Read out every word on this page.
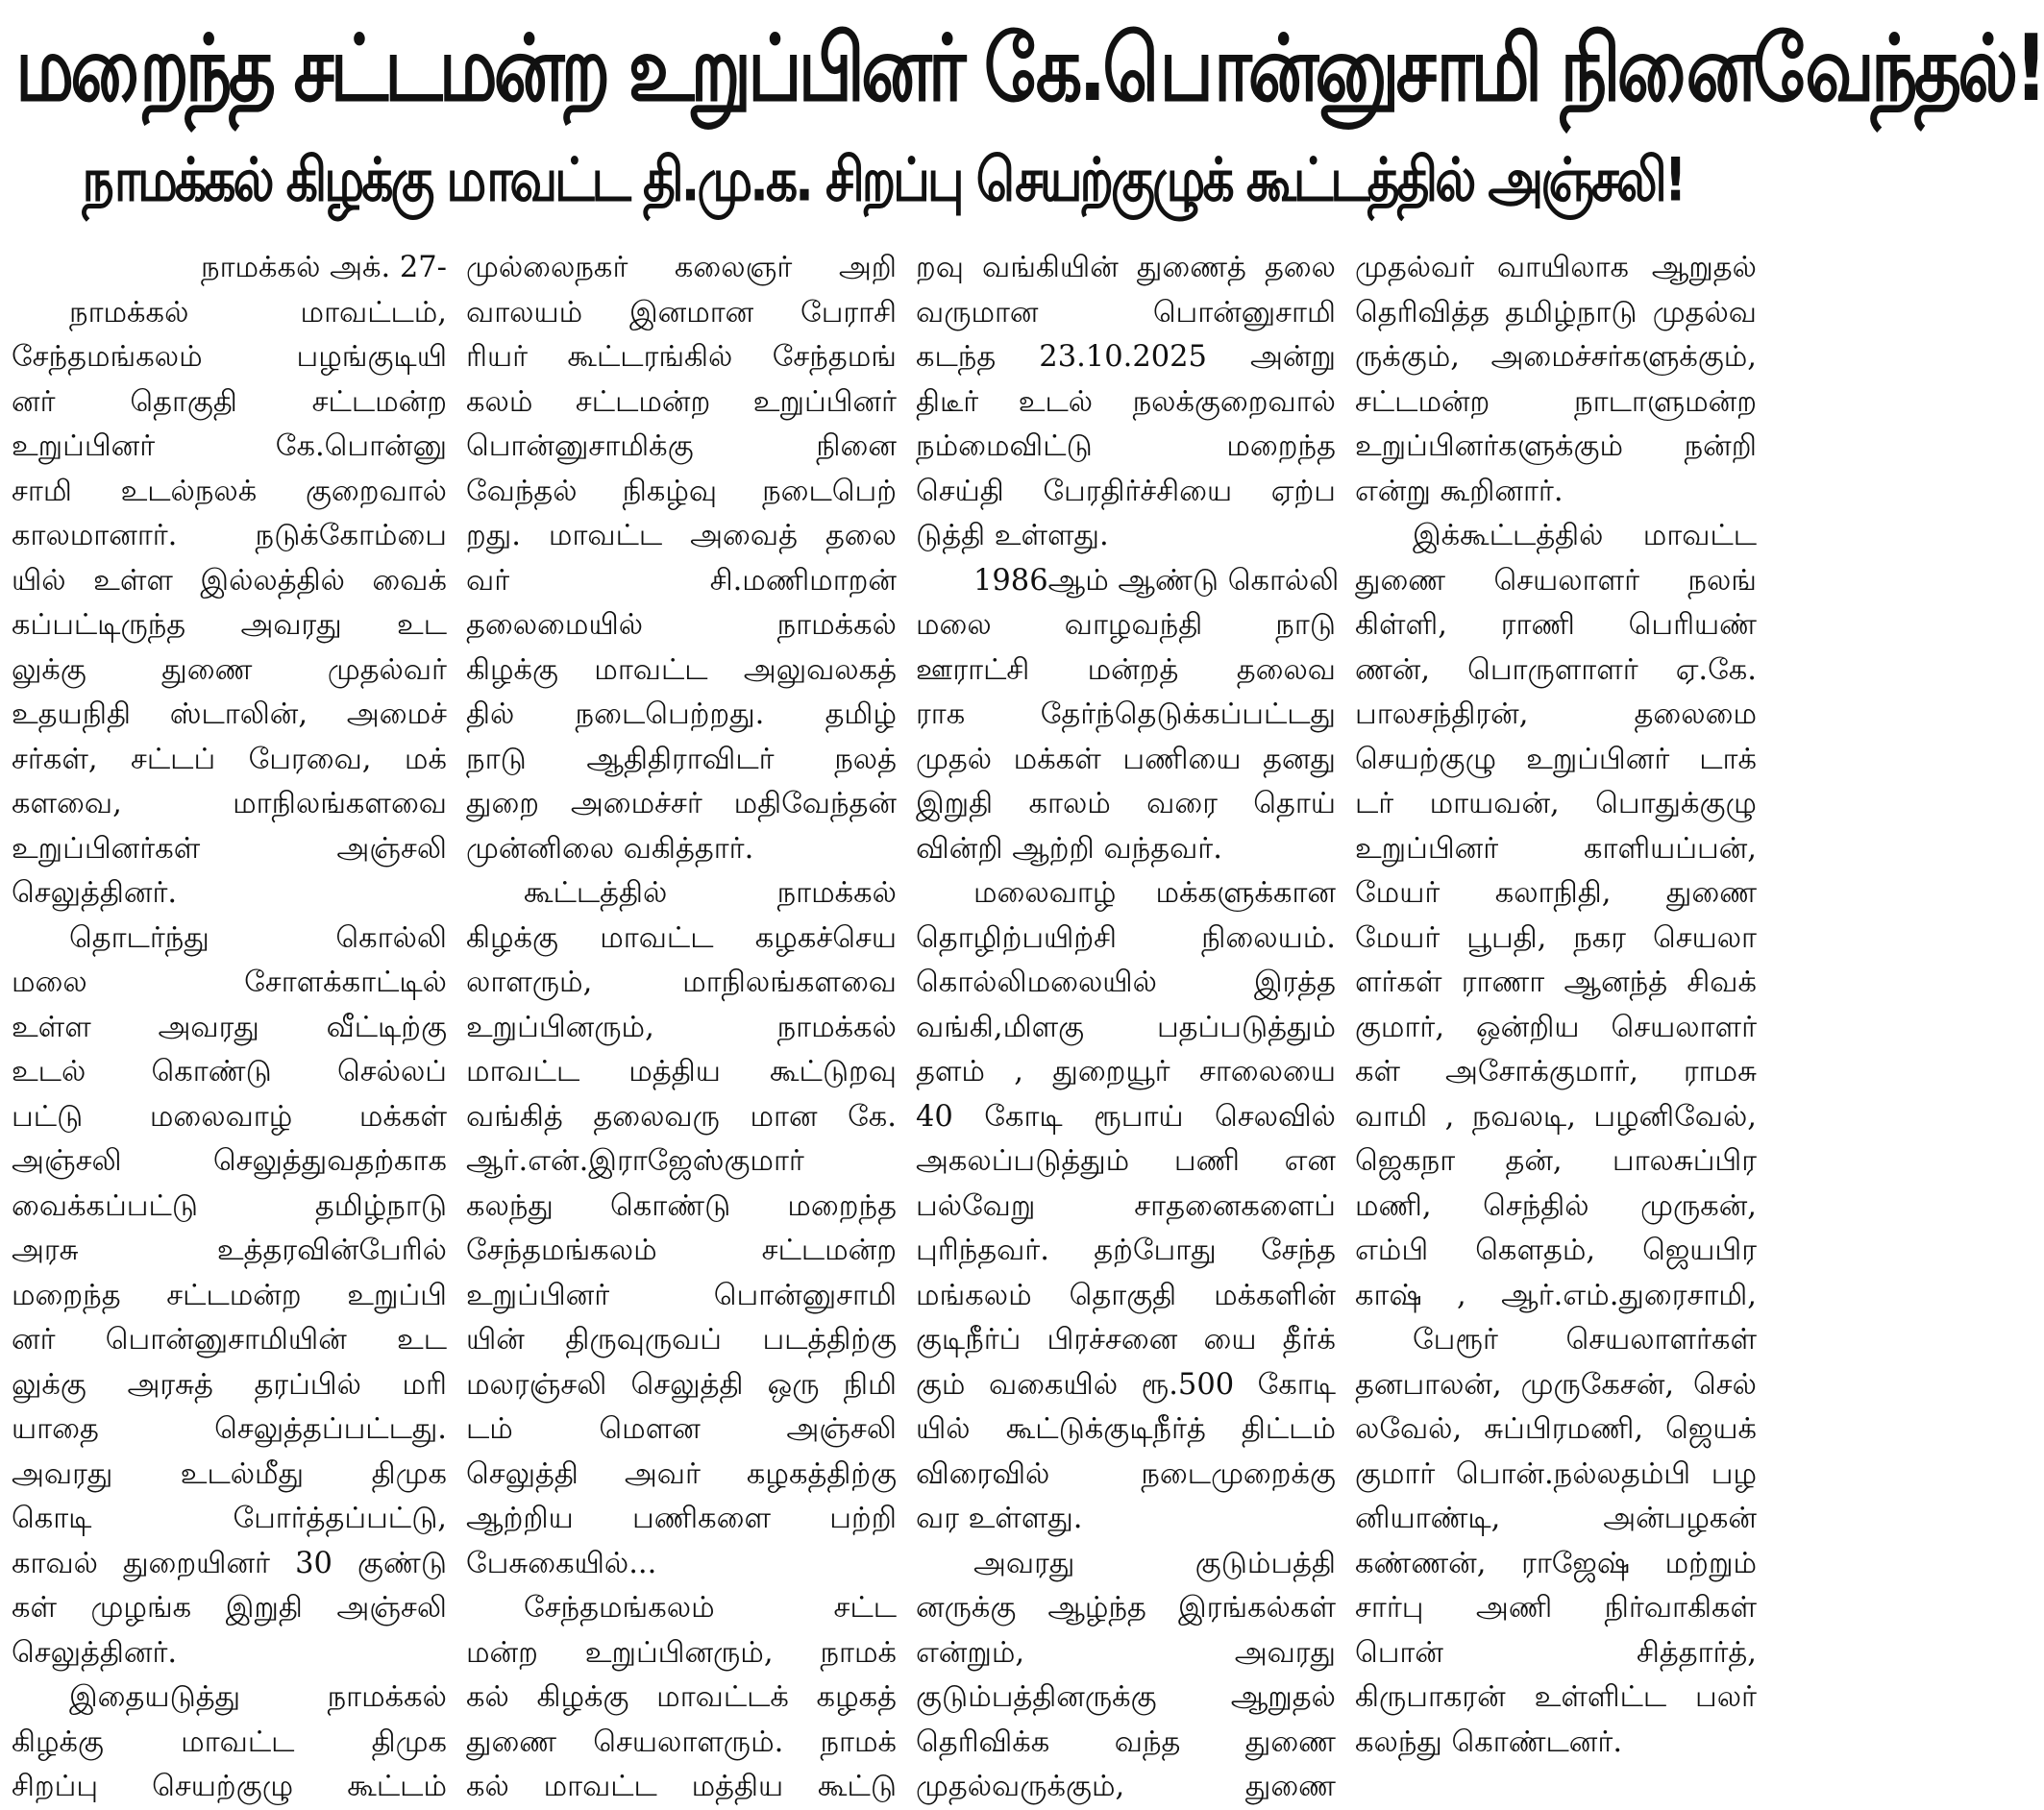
மறைந்த சட்டமன்ற உறுப்பினர் கே.பொன்னுசாமி நினைவேந்தல்!
நாமக்கல் கிழக்கு மாவட்ட தி.மு.க. சிறப்பு செயற்குழுக் கூட்டத்தில் அஞ்சலி!
நாமக்கல் அக். 27-
நாமக்கல் மாவட்டம்,
சேந்தமங்கலம் பழங்குடியி
னர் தொகுதி சட்டமன்ற
உறுப்பினர் கே.பொன்னு
சாமி உடல்நலக் குறைவால்
காலமானார். நடுக்கோம்பை
யில் உள்ள இல்லத்தில் வைக்
கப்பட்டிருந்த அவரது உட
லுக்கு துணை முதல்வர்
உதயநிதி ஸ்டாலின், அமைச்
சர்கள், சட்டப் பேரவை, மக்
களவை, மாநிலங்களவை
உறுப்பினர்கள் அஞ்சலி
செலுத்தினர்.
தொடர்ந்து கொல்லி
மலை சோளக்காட்டில்
உள்ள அவரது வீட்டிற்கு
உடல் கொண்டு செல்லப்
பட்டு மலைவாழ் மக்கள்
அஞ்சலி செலுத்துவதற்காக
வைக்கப்பட்டு தமிழ்நாடு
அரசு உத்தரவின்பேரில்
மறைந்த சட்டமன்ற உறுப்பி
னர் பொன்னுசாமியின் உட
லுக்கு அரசுத் தரப்பில் மரி
யாதை செலுத்தப்பட்டது.
அவரது உடல்மீது திமுக
கொடி போர்த்தப்பட்டு,
காவல் துறையினர் 30 குண்டு
கள் முழங்க இறுதி அஞ்சலி
செலுத்தினர்.
இதையடுத்து நாமக்கல்
கிழக்கு மாவட்ட திமுக
சிறப்பு செயற்குழு கூட்டம்
முல்லைநகர் கலைஞர் அறி
வாலயம் இனமான பேராசி
ரியர் கூட்டரங்கில் சேந்தமங்
கலம் சட்டமன்ற உறுப்பினர்
பொன்னுசாமிக்கு நினை
வேந்தல் நிகழ்வு நடைபெற்
றது. மாவட்ட அவைத் தலை
வர் சி.மணிமாறன்
தலைமையில் நாமக்கல்
கிழக்கு மாவட்ட அலுவலகத்
தில் நடைபெற்றது. தமிழ்
நாடு ஆதிதிராவிடர் நலத்
துறை அமைச்சர் மதிவேந்தன்
முன்னிலை வகித்தார்.
கூட்டத்தில் நாமக்கல்
கிழக்கு மாவட்ட கழகச்செய
லாளரும், மாநிலங்களவை
உறுப்பினரும், நாமக்கல்
மாவட்ட மத்திய கூட்டுறவு
வங்கித் தலைவரு மான கே.
ஆர்.என்.இராஜேஸ்குமார்
கலந்து கொண்டு மறைந்த
சேந்தமங்கலம் சட்டமன்ற
உறுப்பினர் பொன்னுசாமி
யின் திருவுருவப் படத்திற்கு
மலரஞ்சலி செலுத்தி ஒரு நிமி
டம் மௌன அஞ்சலி
செலுத்தி அவர் கழகத்திற்கு
ஆற்றிய பணிகளை பற்றி
பேசுகையில்...
சேந்தமங்கலம் சட்ட
மன்ற உறுப்பினரும், நாமக்
கல் கிழக்கு மாவட்டக் கழகத்
துணை செயலாளரும். நாமக்
கல் மாவட்ட மத்திய கூட்டு
றவு வங்கியின் துணைத் தலை
வருமான பொன்னுசாமி
கடந்த 23.10.2025 அன்று
திடீர் உடல் நலக்குறைவால்
நம்மைவிட்டு மறைந்த
செய்தி பேரதிர்ச்சியை ஏற்ப
டுத்தி உள்ளது.
1986ஆம் ஆண்டு கொல்லி
மலை வாழவந்தி நாடு
ஊராட்சி மன்றத் தலைவ
ராக தேர்ந்தெடுக்கப்பட்டது
முதல் மக்கள் பணியை தனது
இறுதி காலம் வரை தொய்
வின்றி ஆற்றி வந்தவர்.
மலைவாழ் மக்களுக்கான
தொழிற்பயிற்சி நிலையம்.
கொல்லிமலையில் இரத்த
வங்கி,மிளகு பதப்படுத்தும்
தளம் , துறையூர் சாலையை
40 கோடி ரூபாய் செலவில்
அகலப்படுத்தும் பணி என
பல்வேறு சாதனைகளைப்
புரிந்தவர். தற்போது சேந்த
மங்கலம் தொகுதி மக்களின்
குடிநீர்ப் பிரச்சனை யை தீர்க்
கும் வகையில் ரூ.500 கோடி
யில் கூட்டுக்குடிநீர்த் திட்டம்
விரைவில் நடைமுறைக்கு
வர உள்ளது.
அவரது குடும்பத்தி
னருக்கு ஆழ்ந்த இரங்கல்கள்
என்றும், அவரது
குடும்பத்தினருக்கு ஆறுதல்
தெரிவிக்க வந்த துணை
முதல்வருக்கும், துணை
முதல்வர் வாயிலாக ஆறுதல்
தெரிவித்த தமிழ்நாடு முதல்வ
ருக்கும், அமைச்சர்களுக்கும்,
சட்டமன்ற நாடாளுமன்ற
உறுப்பினர்களுக்கும் நன்றி
என்று கூறினார்.
இக்கூட்டத்தில் மாவட்ட
துணை செயலாளர் நலங்
கிள்ளி, ராணி பெரியண்
ணன், பொருளாளர் ஏ.கே.
பாலசந்திரன், தலைமை
செயற்குழு உறுப்பினர் டாக்
டர் மாயவன், பொதுக்குழு
உறுப்பினர் காளியப்பன்,
மேயர் கலாநிதி, துணை
மேயர் பூபதி, நகர செயலா
ளர்கள் ராணா ஆனந்த் சிவக்
குமார், ஒன்றிய செயலாளர்
கள் அசோக்குமார், ராமசு
வாமி , நவலடி, பழனிவேல்,
ஜெகநா தன், பாலசுப்பிர
மணி, செந்தில் முருகன்,
எம்பி கௌதம், ஜெயபிர
காஷ் , ஆர்.எம்.துரைசாமி,
பேரூர் செயலாளர்கள்
தனபாலன், முருகேசன், செல்
லவேல், சுப்பிரமணி, ஜெயக்
குமார் பொன்.நல்லதம்பி பழ
னியாண்டி, அன்பழகன்
கண்ணன், ராஜேஷ் மற்றும்
சார்பு அணி நிர்வாகிகள்
பொன் சித்தார்த்,
கிருபாகரன் உள்ளிட்ட பலர்
கலந்து கொண்டனர்.
